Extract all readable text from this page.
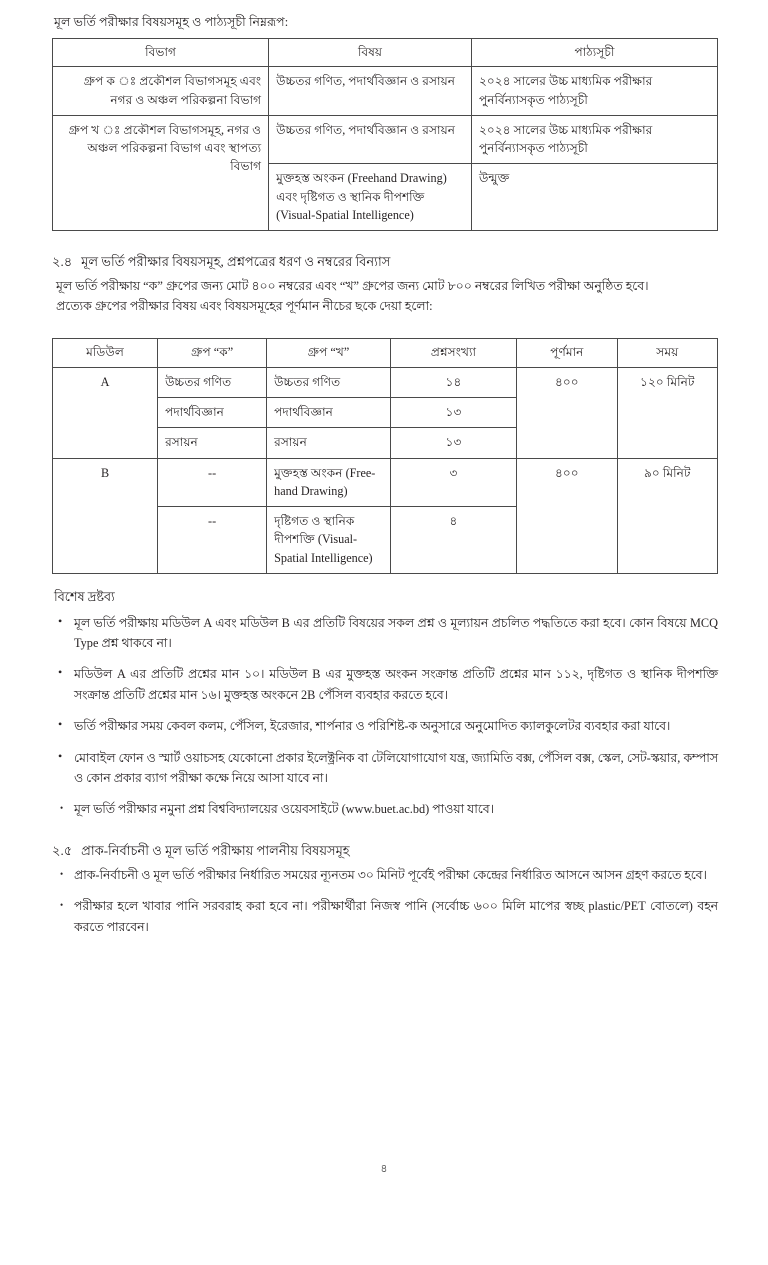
মূল ভর্তি পরীক্ষার বিষয়সমূহ ও পাঠ্যসূচী নিম্নরূপ:
বিভাগ	বিষয়	পাঠ্যসূচী
গ্রুপ ক ঃ প্রকৌশল বিভাগসমূহ এবং নগর ও অঞ্চল পরিকল্পনা বিভাগ	উচ্চতর গণিত, পদার্থবিজ্ঞান ও রসায়ন	২০২৪ সালের উচ্চ মাধ্যমিক পরীক্ষার পুনর্বিন্যাসকৃত পাঠ্যসূচী
গ্রুপ খ ঃ প্রকৌশল বিভাগসমূহ, নগর ও অঞ্চল পরিকল্পনা বিভাগ এবং স্থাপত্য বিভাগ	উচ্চতর গণিত, পদার্থবিজ্ঞান ও রসায়ন	২০২৪ সালের উচ্চ মাধ্যমিক পরীক্ষার পুনর্বিন্যাসকৃত পাঠ্যসূচী
	মুক্তহস্ত অংকন (Freehand Drawing) এবং দৃষ্টিগত ও স্থানিক দীপশক্তি (Visual-Spatial Intelligence)	উন্মুক্ত
২.৪ মূল ভর্তি পরীক্ষার বিষয়সমূহ, প্রশ্নপত্রের ধরণ ও নম্বরের বিন্যাস
মূল ভর্তি পরীক্ষায় “ক” গ্রুপের জন্য মোট ৪০০ নম্বরের এবং “খ” গ্রুপের জন্য মোট ৮০০ নম্বরের লিখিত পরীক্ষা অনুষ্ঠিত হবে।
প্রত্যেক গ্রুপের পরীক্ষার বিষয় এবং বিষয়সমূহের পূর্ণমান নীচের ছকে দেয়া হলো:
মডিউল	গ্রুপ “ক”	গ্রুপ “খ”	প্রশ্নসংখ্যা	পূর্ণমান	সময়
A	উচ্চতর গণিত	উচ্চতর গণিত	১৪	৪০০	১২০ মিনিট
	পদার্থবিজ্ঞান	পদার্থবিজ্ঞান	১৩		
	রসায়ন	রসায়ন	১৩		
B	--	মুক্তহস্ত অংকন (Free-hand Drawing)	৩	৪০০	৯০ মিনিট
	--	দৃষ্টিগত ও স্থানিক দীপশক্তি (Visual-Spatial Intelligence)	৪		
বিশেষ দ্রষ্টব্য
• মূল ভর্তি পরীক্ষায় মডিউল A এবং মডিউল B এর প্রতিটি বিষয়ের সকল প্রশ্ন ও মূল্যায়ন প্রচলিত পদ্ধতিতে করা হবে। কোন বিষয়ে MCQ Type প্রশ্ন থাকবে না।
• মডিউল A এর প্রতিটি প্রশ্নের মান ১০। মডিউল B এর মুক্তহস্ত অংকন সংক্রান্ত প্রতিটি প্রশ্নের মান ১১২, দৃষ্টিগত ও স্থানিক দীপশক্তি সংক্রান্ত প্রতিটি প্রশ্নের মান ১৬। মুক্তহস্ত অংকনে 2B পেঁসিল ব্যবহার করতে হবে।
• ভর্তি পরীক্ষার সময় কেবল কলম, পেঁসিল, ইরেজার, শার্পনার ও পরিশিষ্ট-ক অনুসারে অনুমোদিত ক্যালকুলেটর ব্যবহার করা যাবে।
• মোবাইল ফোন ও স্মার্ট ওয়াচসহ যেকোনো প্রকার ইলেক্ট্রনিক বা টেলিযোগাযোগ যন্ত্র, জ্যামিতি বক্স, পেঁসিল বক্স, স্কেল, সেট-স্কয়ার, কম্পাস ও কোন প্রকার ব্যাগ পরীক্ষা কক্ষে নিয়ে আসা যাবে না।
• মূল ভর্তি পরীক্ষার নমুনা প্রশ্ন বিশ্ববিদ্যালয়ের ওয়েবসাইটে (www.buet.ac.bd) পাওয়া যাবে।
২.৫ প্রাক-নির্বাচনী ও মূল ভর্তি পরীক্ষায় পালনীয় বিষয়সমূহ
• প্রাক-নির্বাচনী ও মূল ভর্তি পরীক্ষার নির্ধারিত সময়ের ন্যূনতম ৩০ মিনিট পূর্বেই পরীক্ষা কেন্দ্রের নির্ধারিত আসনে আসন গ্রহণ করতে হবে।
• পরীক্ষার হলে খাবার পানি সরবরাহ করা হবে না। পরীক্ষার্থীরা নিজস্ব পানি (সর্বোচ্চ ৬০০ মিলি মাপের স্বচ্ছ plastic/PET বোতলে) বহন করতে পারবেন।
৪
